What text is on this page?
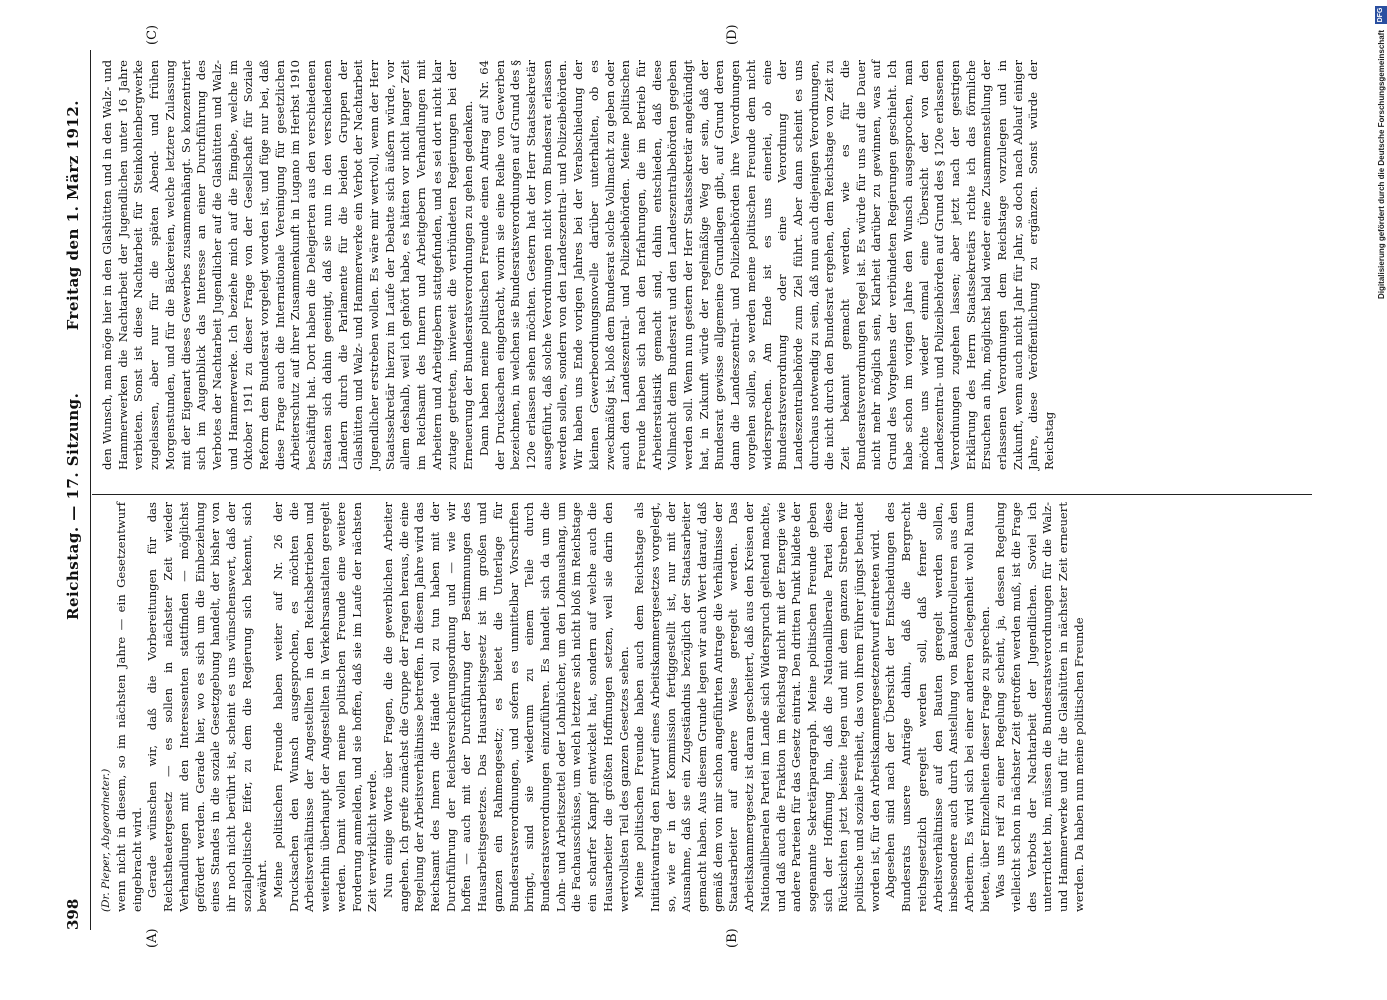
398
Reichstag. — 17. Sitzung.
Freitag den 1. März 1912.
(A)	(B)
(C)	(D)
(Dr. Pieper, Abgeordneter.) wenn nicht in diesem, so im nächsten Jahre — ein Gesetzentwurf eingebracht wird. Gerade wünschen wir, daß die Vorbereitungen für das Reichstheatergesetz — es sollen in nächster Zeit wieder Verhandlungen mit den Interessenten stattfinden — möglichst gefördert werden. Gerade hier, wo es sich um die Einbeziehung eines Standes in die soziale Gesetzgebung handelt, der bisher von ihr noch nicht berührt ist, scheint es uns wünschenswert, daß der sozialpolitische Eifer, zu dem die Regierung sich bekennt, sich bewährt. Meine politischen Freunde haben weiter auf Nr. 26 der Drucksachen den Wunsch ausgesprochen, es möchten die Arbeitsverhältnisse der Angestellten in den Reichsbetrieben und weiterhin überhaupt der Angestellten in Verkehrsanstalten geregelt werden. Damit wollen meine politischen Freunde eine weitere Forderung anmelden, und sie hoffen, daß sie im Laufe der nächsten Zeit verwirklicht werde. Nun einige Worte über Fragen, die die gewerblichen Arbeiter angehen. Ich greife zunächst die Gruppe der Fragen heraus, die eine Regelung der Arbeitsverhältnisse betreffen. In diesem Jahre wird das Reichsamt des Innern die Hände voll zu tun haben mit der Durchführung der Reichsversicherungsordnung und — wie wir hoffen — auch mit der Durchführung der Bestimmungen des Hausarbeitsgesetzes. Das Hausarbeitsgesetz ist im großen und ganzen ein Rahmengesetz; es bietet die Unterlage für Bundesratsverordnungen, und sofern es unmittelbar Vorschriften bringt, sind sie wiederum zu einem Teile durch Bundesratsverordnungen einzuführen. Es handelt sich da um die Lohn- und Arbeitszettel oder Lohnbücher, um den Lohnaushang, um die Fachausschüsse, um welch letztere sich nicht bloß im Reichstage ein scharfer Kampf entwickelt hat, sondern auf welche auch die Hausarbeiter die größten Hoffnungen setzen, weil sie darin den wertvollsten Teil des ganzen Gesetzes sehen. Meine politischen Freunde haben auch dem Reichstage als Initiativantrag den Entwurf eines Arbeitskammergesetzes vorgelegt, so, wie er in der Kommission fertiggestellt ist, nur mit der Ausnahme, daß sie ein Zugeständnis bezüglich der Staatsarbeiter gemacht haben. Aus diesem Grunde legen wir auch Wert darauf, daß gemäß dem von mir schon angeführten Antrage die Verhältnisse der Staatsarbeiter auf andere Weise geregelt werden. Das Arbeitskammergesetz ist daran gescheitert, daß aus den Kreisen der Nationalliberalen Partei im Lande sich Widerspruch geltend machte, und daß auch die Fraktion im Reichstag nicht mit der Energie wie andere Parteien für das Gesetz eintrat. Den dritten Punkt bildete der sogenannte Sekretärparagraph. Meine politischen Freunde geben sich der Hoffnung hin, daß die Nationalliberale Partei diese Rücksichten jetzt beiseite legen und mit dem ganzen Streben für politische und soziale Freiheit, das von ihrem Führer jüngst betundet worden ist, für den Arbeitskammergesetzentwurf eintreten wird. Abgesehen sind nach der Übersicht der Entscheidungen des Bundesrats unsere Anträge dahin, daß die Bergrecht reichsgesetzlich geregelt werden soll, daß ferner die Arbeitsverhältnisse auf den Bauten geregelt werden sollen, insbesondere auch durch Anstellung von Baukontrolleuren aus den Arbeitern. Es wird sich bei einer anderen Gelegenheit wohl Raum bieten, über Einzelheiten dieser Frage zu sprechen. Was uns reif zu einer Regelung scheint, ja, dessen Regelung vielleicht schon in nächster Zeit getroffen werden muß, ist die Frage des Verbots der Nachtarbeit der Jugendlichen. Soviel ich unterrichtet bin, müssen die Bundesratsverordnungen für die Walz- und Hammerwerke und für die Glashütten in nächster Zeit erneuert werden. Da haben nun meine politischen Freunde

den Wunsch, man möge hier in den Glashütten und in den Walz- und Hammerwerken die Nachtarbeit der Jugendlichen unter 16 Jahre verbieten. Sonst ist diese Nachtarbeit für Steinkohlenbergwerke zugelassen, aber nur für die späten Abend- und frühen Morgenstunden, und für die Bäckereien, welche letztere Zulassung mit der Eigenart dieses Gewerbes zusammenhängt. So konzentriert sich im Augenblick das Interesse an einer Durchführung des Verbotes der Nachtarbeit Jugendlicher auf die Glashütten und Walz- und Hammerwerke. Ich beziehe mich auf die Eingabe, welche im Oktober 1911 zu dieser Frage von der Gesellschaft für Soziale Reform dem Bundesrat vorgelegt worden ist, und füge nur bei, daß diese Frage auch die Internationale Vereinigung für gesetzlichen Arbeiterschutz auf ihrer Zusammenkunft in Lugano im Herbst 1910 beschäftigt hat. Dort haben die Delegierten aus den verschiedenen Staaten sich dahin geeinigt, daß sie nun in den verschiedenen Ländern durch die Parlamente für die beiden Gruppen der Glashütten und Walz- und Hammerwerke ein Verbot der Nachtarbeit Jugendlicher erstreben wollen. Es wäre mir wertvoll, wenn der Herr Staatssekretär hierzu im Laufe der Debatte sich äußern würde, vor allem deshalb, weil ich gehört habe, es hätten vor nicht langer Zeit im Reichsamt des Innern und Arbeitgebern Verhandlungen mit Arbeitern und Arbeitgebern stattgefunden, und es sei dort nicht klar zutage getreten, inwieweit die verbündeten Regierungen bei der Erneuerung der Bundesratsverordnungen zu gehen gedenken. Dann haben meine politischen Freunde einen Antrag auf Nr. 64 der Drucksachen eingebracht, worin sie eine Reihe von Gewerben bezeichnen, in welchen sie Bundesratsverordnungen auf Grund des § 120e erlassen sehen möchten. Gestern hat der Herr Staatssekretär ausgeführt, daß solche Verordnungen nicht vom Bundesrat erlassen werden sollen, sondern von den Landeszentral- und Polizeibehörden. Wir haben uns Ende vorigen Jahres bei der Verabschiedung der kleinen Gewerbeordnungsnovelle darüber unterhalten, ob es zweckmäßig ist, bloß dem Bundesrat solche Vollmacht zu geben oder auch den Landeszentral- und Polizeibehörden. Meine politischen Freunde haben sich nach den Erfahrungen, die im Betrieb für Arbeiterstatistik gemacht sind, dahin entschieden, daß diese Vollmacht dem Bundesrat und den Landeszentralbehörden gegeben werden soll. Wenn nun gestern der Herr Staatssekretär angekündigt hat, in Zukunft würde der regelmäßige Weg der sein, daß der Bundesrat gewisse allgemeine Grundlagen gibt, auf Grund deren dann die Landeszentral- und Polizeibehörden ihre Verordnungen vorgehen sollen, so werden meine politischen Freunde dem nicht widersprechen. Am Ende ist es uns einerlei, ob eine Bundesratsverordnung oder eine Verordnung der Landeszentralbehörde zum Ziel führt. Aber dann scheint es uns durchaus notwendig zu sein, daß nun auch diejenigen Verordnungen, die nicht durch den Bundesrat ergehen, dem Reichstage von Zeit zu Zeit bekannt gemacht werden, wie es für die Bundesratsverordnungen Regel ist. Es würde für uns auf die Dauer nicht mehr möglich sein, Klarheit darüber zu gewinnen, was auf Grund des Vorgehens der verbündeten Regierungen geschieht. Ich habe schon im vorigen Jahre den Wunsch ausgesprochen, man möchte uns wieder einmal eine Übersicht der von den Landeszentral- und Polizeibehörden auf Grund des § 120e erlassenen Verordnungen zugehen lassen; aber jetzt nach der gestrigen Erklärung des Herrn Staatssekretärs richte ich das förmliche Ersuchen an ihn, möglichst bald wieder eine Zusammenstellung der erlassenen Verordnungen dem Reichstage vorzulegen und in Zukunft, wenn auch nicht Jahr für Jahr, so doch nach Ablauf einiger Jahre, diese Veröffentlichung zu ergänzen. Sonst würde der Reichstag

Digitalisierung gefördert durch die Deutsche Forschungsgemeinschaft
DFG
